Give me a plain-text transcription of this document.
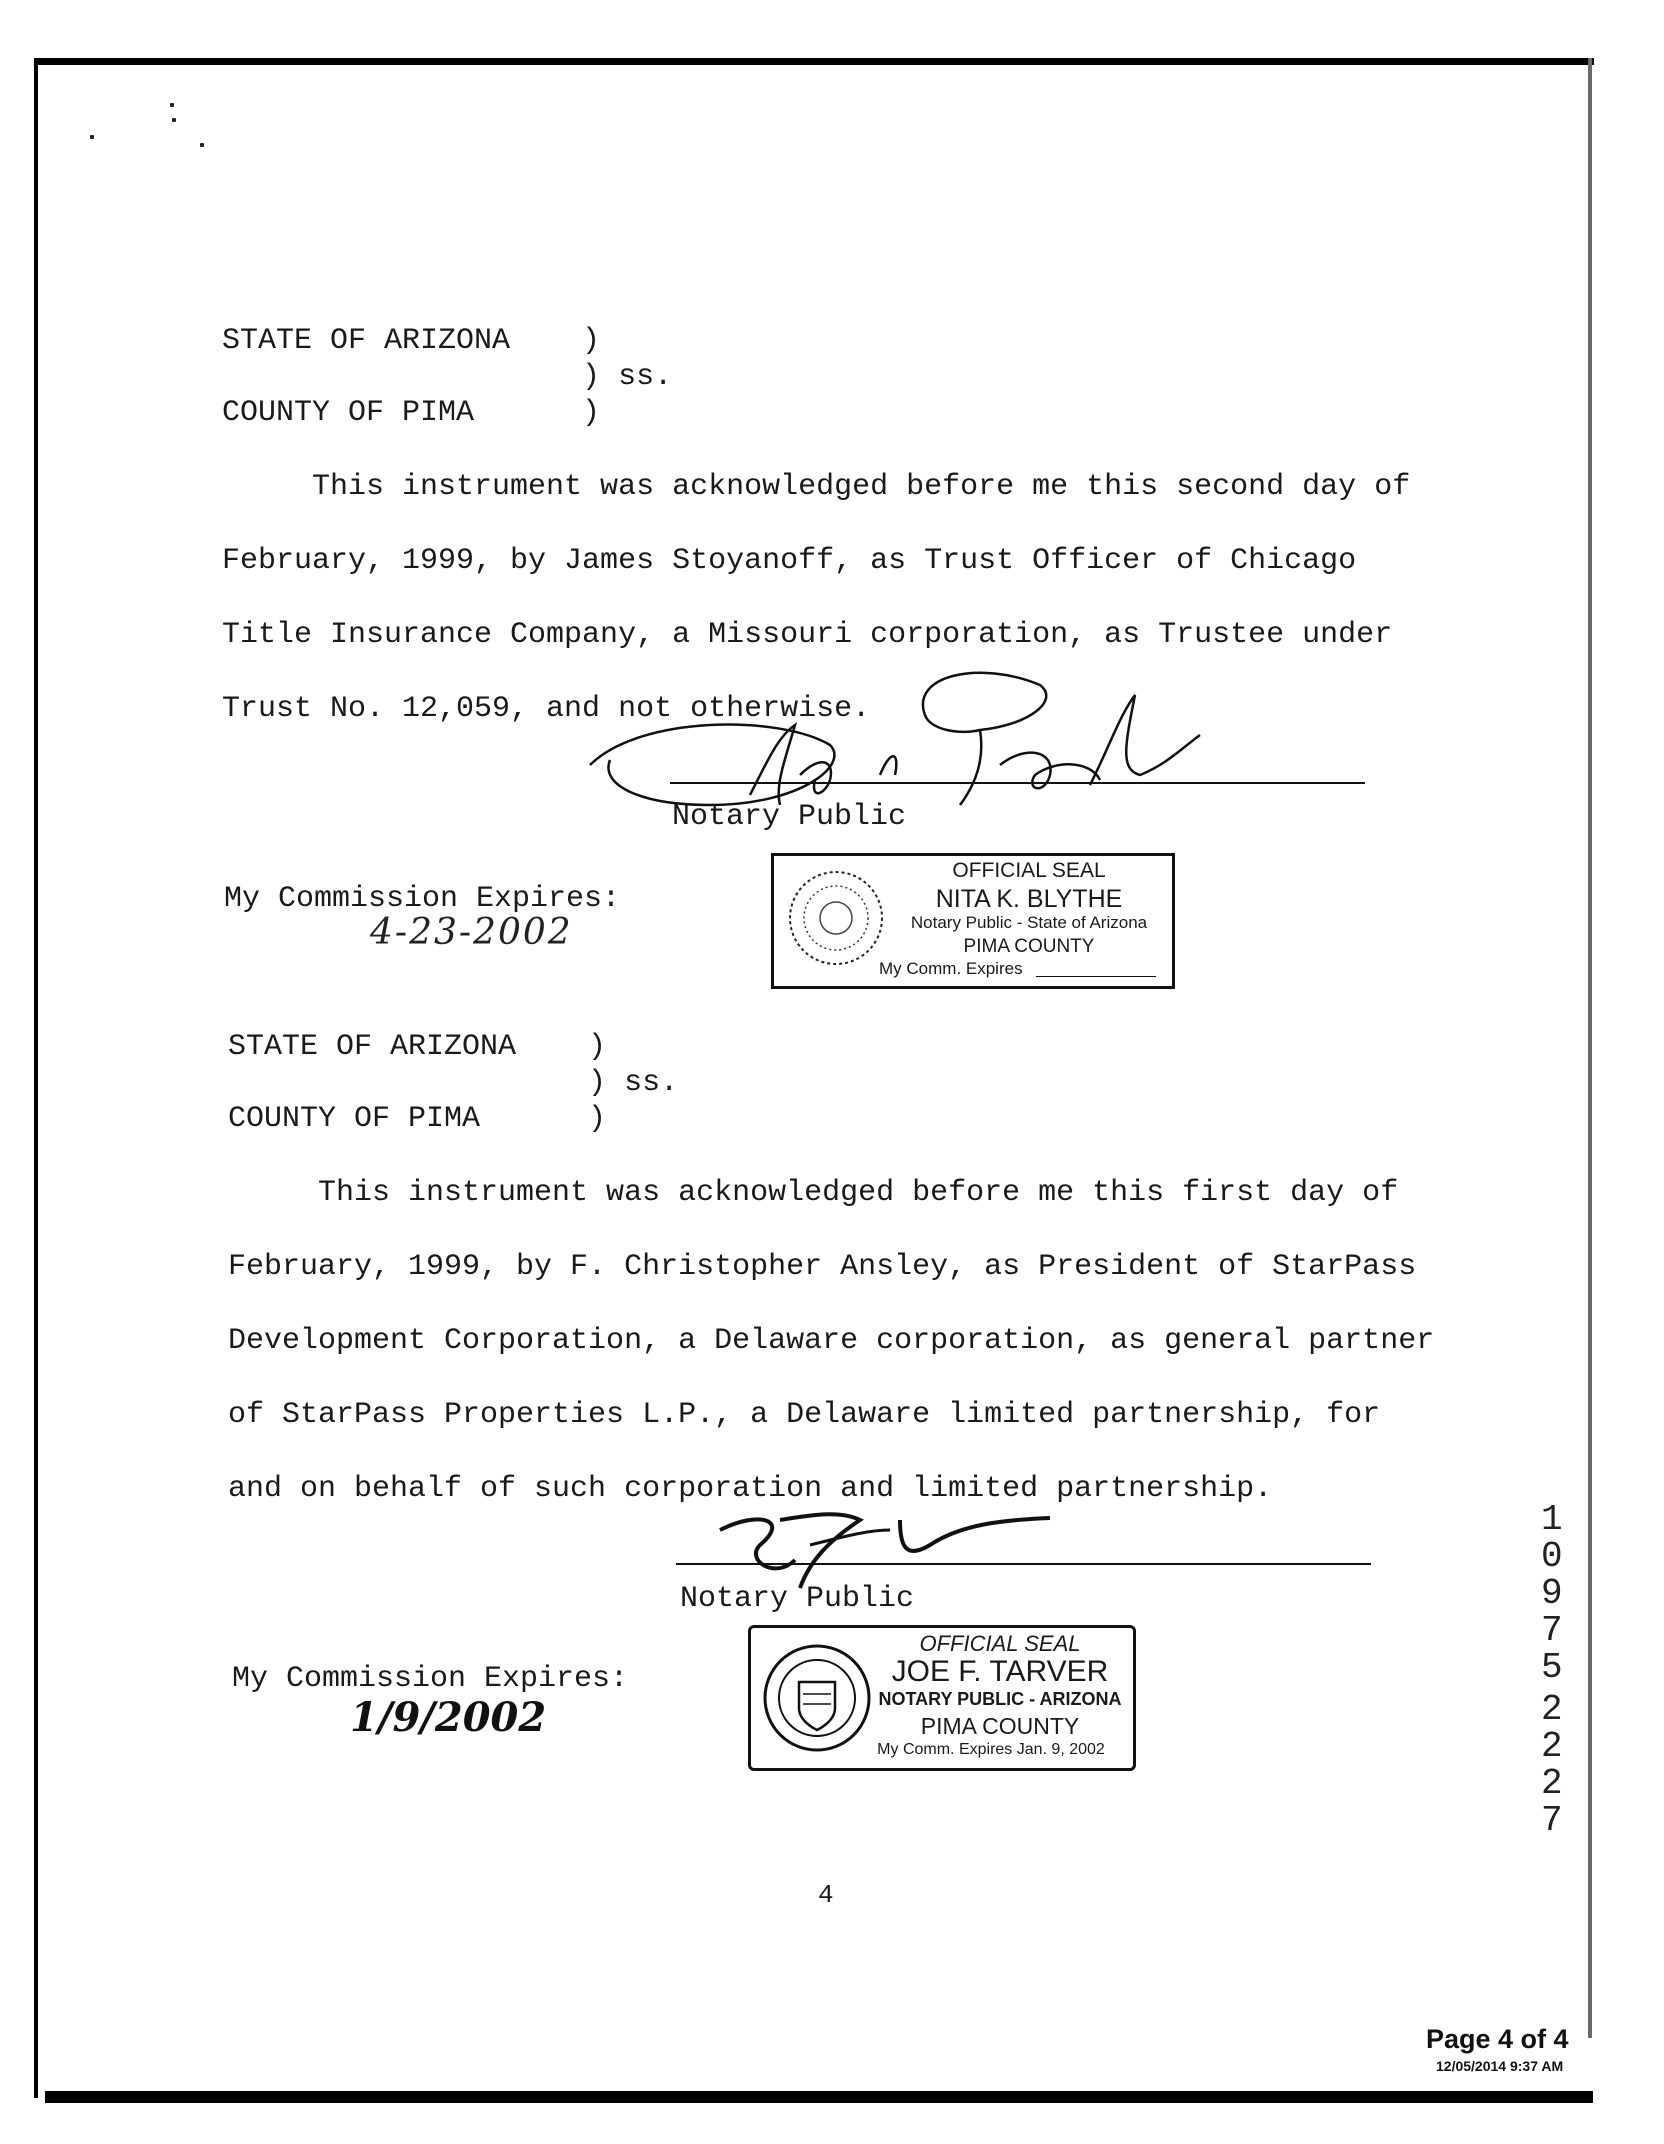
STATE OF ARIZONA    )
) ss.
COUNTY OF PIMA      )
This instrument was acknowledged before me this second day of
February, 1999, by James Stoyanoff, as Trust Officer of Chicago
Title Insurance Company, a Missouri corporation, as Trustee under
Trust No. 12,059, and not otherwise.
Notary Public
My Commission Expires:
4-23-2002
OFFICIAL SEAL
NITA K. BLYTHE
Notary Public - State of Arizona
PIMA COUNTY
My Comm. Expires
STATE OF ARIZONA    )
) ss.
COUNTY OF PIMA      )
This instrument was acknowledged before me this first day of
February, 1999, by F. Christopher Ansley, as President of StarPass
Development Corporation, a Delaware corporation, as general partner
of StarPass Properties L.P., a Delaware limited partnership, for
and on behalf of such corporation and limited partnership.
Notary Public
My Commission Expires:
1/9/2002
OFFICIAL SEAL
JOE F. TARVER
NOTARY PUBLIC - ARIZONA
PIMA COUNTY
My Comm. Expires Jan. 9, 2002
1
0
9
7
5
2
2
2
7
4
Page 4 of 4
12/05/2014 9:37 AM
